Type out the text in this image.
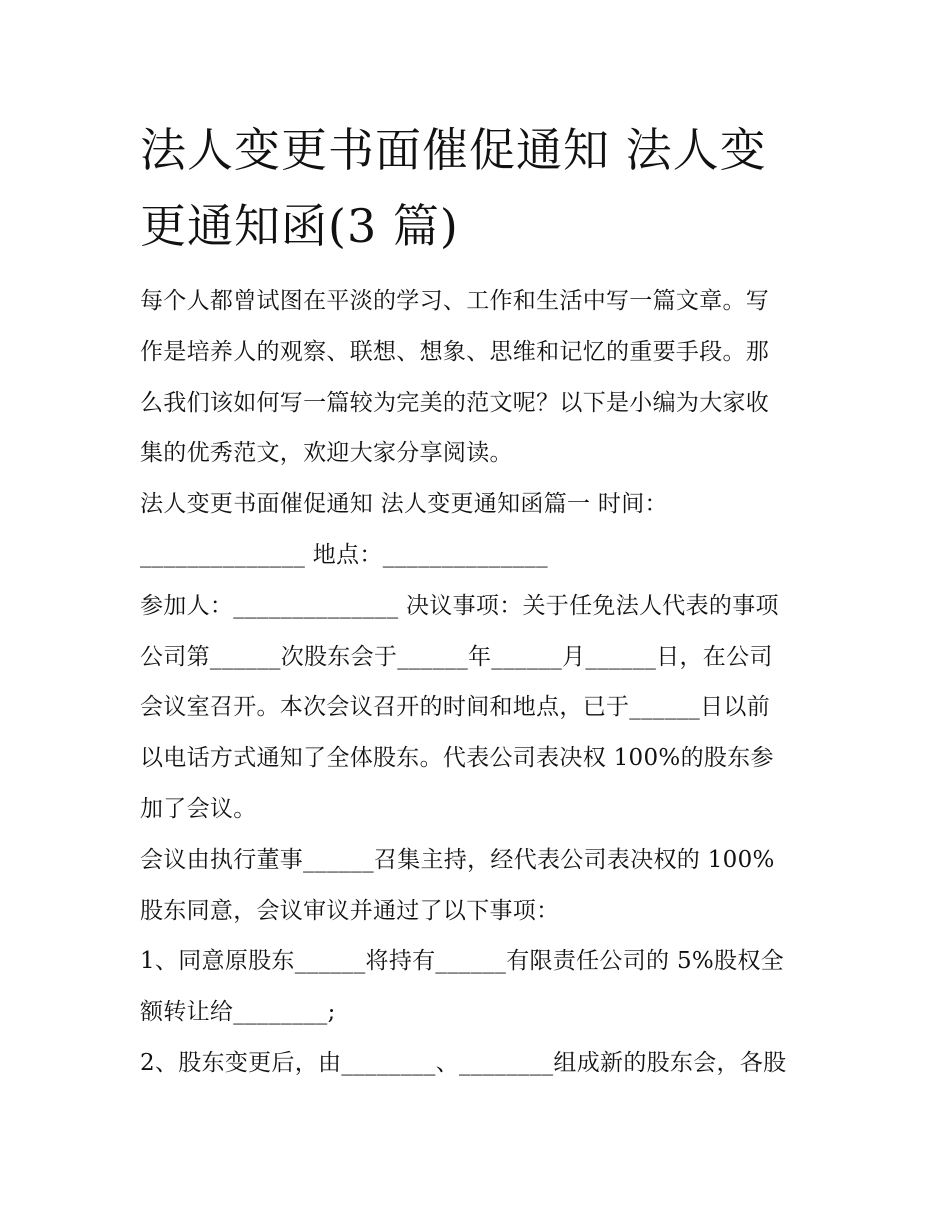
法人变更书面催促通知 法人变
更通知函(3 篇)
每个人都曾试图在平淡的学习、工作和生活中写一篇文章。写
作是培养人的观察、联想、想象、思维和记忆的重要手段。那
么我们该如何写一篇较为完美的范文呢？以下是小编为大家收
集的优秀范文，欢迎大家分享阅读。
法人变更书面催促通知 法人变更通知函篇一 时间：
______________ 地点：______________
参加人：______________ 决议事项：关于任免法人代表的事项
公司第______次股东会于______年______月______日，在公司
会议室召开。本次会议召开的时间和地点，已于______日以前
以电话方式通知了全体股东。代表公司表决权 100%的股东参
加了会议。
会议由执行董事______召集主持，经代表公司表决权的 100%
股东同意，会议审议并通过了以下事项：
1、同意原股东______将持有______有限责任公司的 5%股权全
额转让给________;
2、股东变更后，由________、________组成新的股东会，各股
